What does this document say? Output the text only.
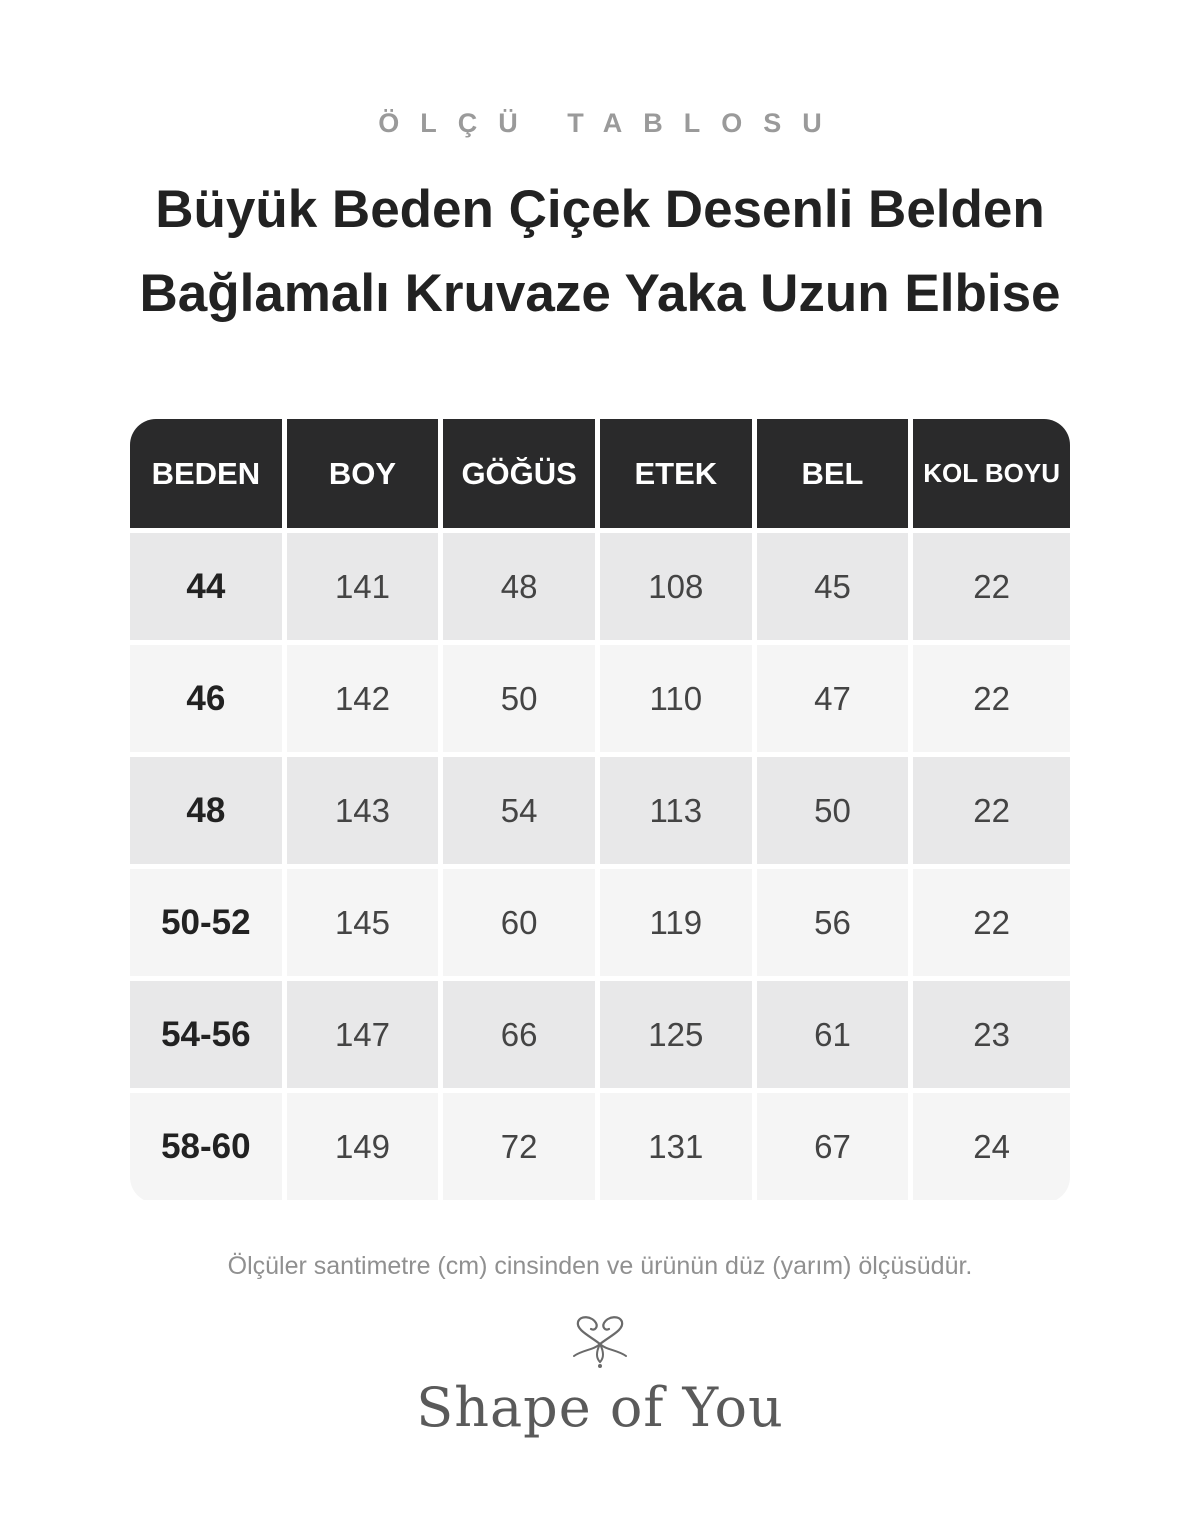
ÖLÇÜ TABLOSU
Büyük Beden Çiçek Desenli Belden
Bağlamalı Kruvaze Yaka Uzun Elbise
BEDEN	BOY	GÖĞÜS	ETEK	BEL	KOL BOYU
44	141	48	108	45	22
46	142	50	110	47	22
48	143	54	113	50	22
50-52	145	60	119	56	22
54-56	147	66	125	61	23
58-60	149	72	131	67	24
Ölçüler santimetre (cm) cinsinden ve ürünün düz (yarım) ölçüsüdür.
Shape of You
